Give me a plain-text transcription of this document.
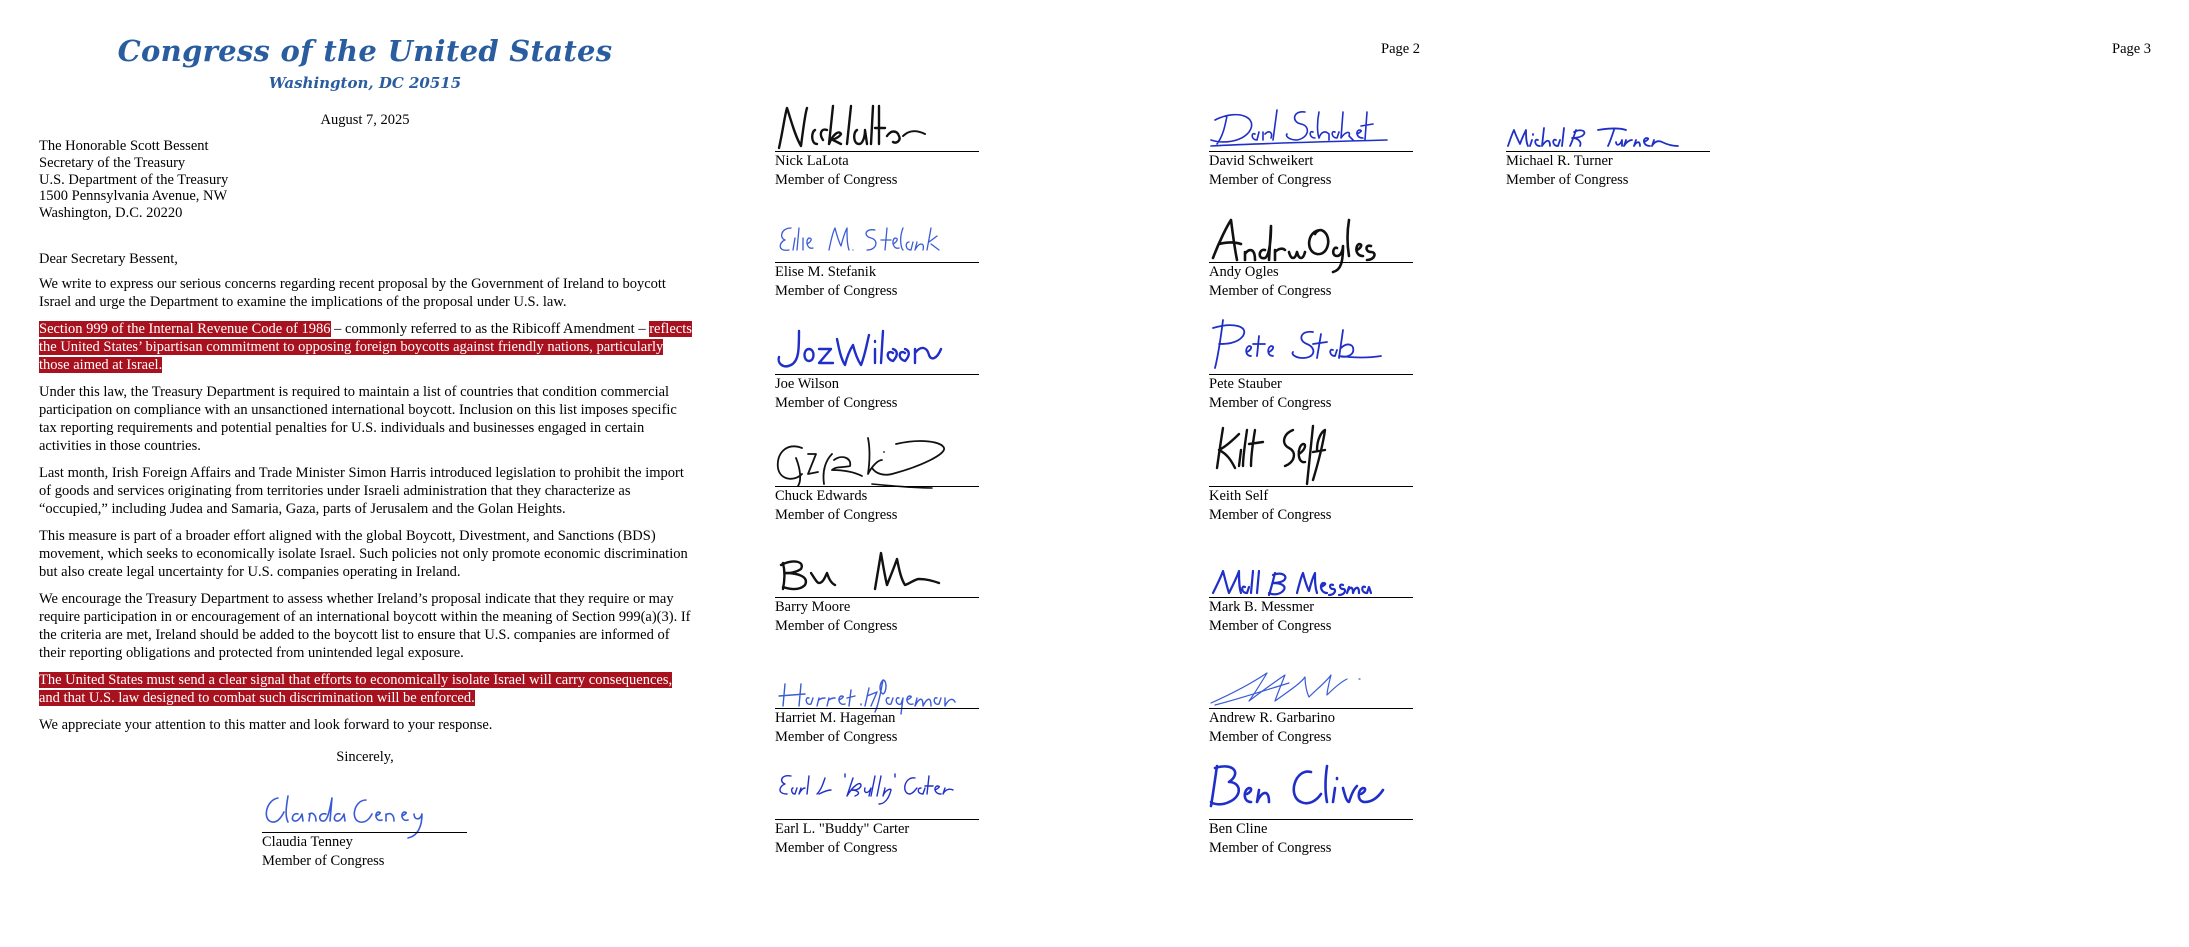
Congress of the United States
Washington, DC 20515
August 7, 2025
The Honorable Scott Bessent
Secretary of the Treasury
U.S. Department of the Treasury
1500 Pennsylvania Avenue, NW
Washington, D.C. 20220

Dear Secretary Bessent,

We write to express our serious concerns regarding recent proposal by the Government of Ireland to boycott Israel and urge the Department to examine the implications of the proposal under U.S. law.

Section 999 of the Internal Revenue Code of 1986 – commonly referred to as the Ribicoff Amendment – reflects the United States’ bipartisan commitment to opposing foreign boycotts against friendly nations, particularly those aimed at Israel.

Under this law, the Treasury Department is required to maintain a list of countries that condition commercial participation on compliance with an unsanctioned international boycott. Inclusion on this list imposes specific tax reporting requirements and potential penalties for U.S. individuals and businesses engaged in certain activities in those countries.

Last month, Irish Foreign Affairs and Trade Minister Simon Harris introduced legislation to prohibit the import of goods and services originating from territories under Israeli administration that they characterize as “occupied,” including Judea and Samaria, Gaza, parts of Jerusalem and the Golan Heights.

This measure is part of a broader effort aligned with the global Boycott, Divestment, and Sanctions (BDS) movement, which seeks to economically isolate Israel. Such policies not only promote economic discrimination but also create legal uncertainty for U.S. companies operating in Ireland.

We encourage the Treasury Department to assess whether Ireland’s proposal indicate that they require or may require participation in or encouragement of an international boycott within the meaning of Section 999(a)(3). If the criteria are met, Ireland should be added to the boycott list to ensure that U.S. companies are informed of their reporting obligations and protected from unintended legal exposure.

The United States must send a clear signal that efforts to economically isolate Israel will carry consequences, and that U.S. law designed to combat such discrimination will be enforced.

We appreciate your attention to this matter and look forward to your response.

Sincerely,
Claudia Tenney
Member of Congress
Page 2
Nick LaLota
Member of Congress
Elise M. Stefanik
Member of Congress
Joe Wilson
Member of Congress
Chuck Edwards
Member of Congress
Barry Moore
Member of Congress
Harriet M. Hageman
Member of Congress
Earl L. "Buddy" Carter
Member of Congress
David Schweikert
Member of Congress
Andy Ogles
Member of Congress
Pete Stauber
Member of Congress
Keith Self
Member of Congress
Mark B. Messmer
Member of Congress
Andrew R. Garbarino
Member of Congress
Ben Cline
Member of Congress
Page 3
Michael R. Turner
Member of Congress
